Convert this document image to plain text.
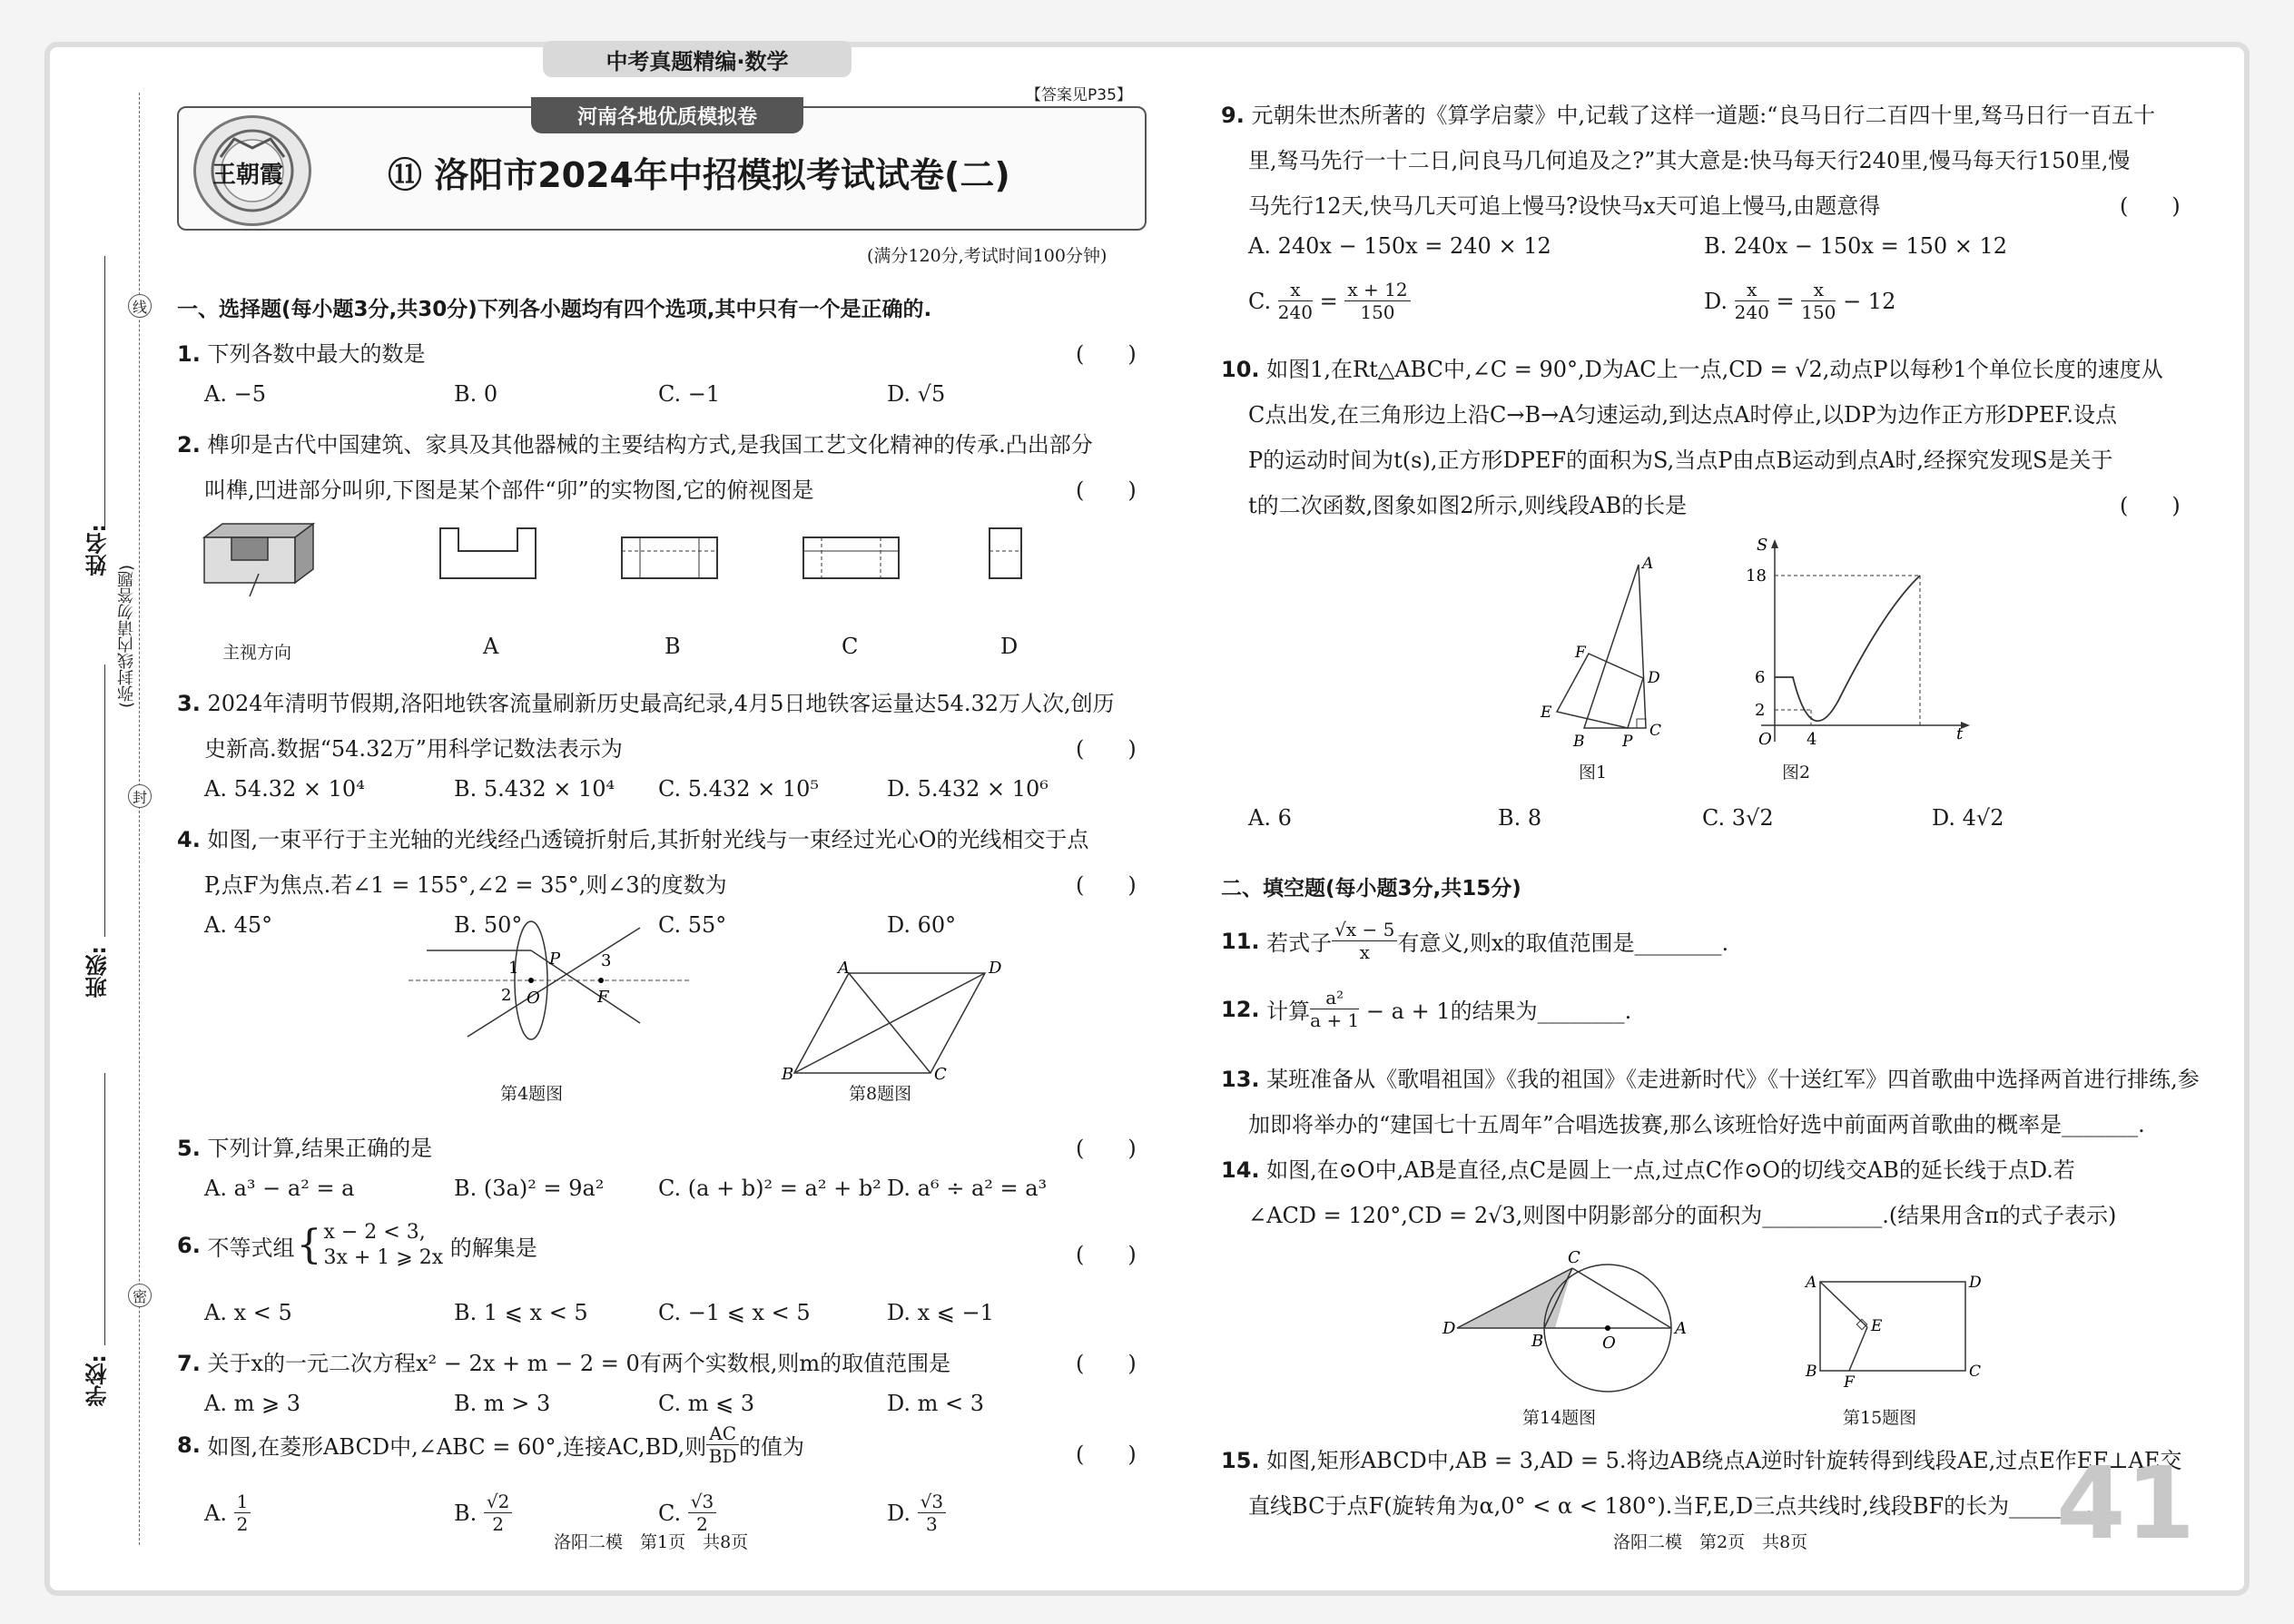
中考真题精编·数学
线
封
密
(弥封线内请勿答题)
姓名:
班级:
学校:
【答案见P35】
河南各地优质模拟卷
王朝霞	⑪ 洛阳市2024年中招模拟考试试卷(二)
(满分120分,考试时间100分钟)
一、选择题(每小题3分,共30分)下列各小题均有四个选项,其中只有一个是正确的.
1. 下列各数中最大的数是	(　　)
A. −5	B. 0	C. −1	D. √5
2. 榫卯是古代中国建筑、家具及其他器械的主要结构方式,是我国工艺文化精神的传承.凸出部分
叫榫,凹进部分叫卯,下图是某个部件“卯”的实物图,它的俯视图是	(　　)
主视方向	A	B	C	D
3. 2024年清明节假期,洛阳地铁客流量刷新历史最高纪录,4月5日地铁客运量达54.32万人次,创历
史新高.数据“54.32万”用科学记数法表示为	(　　)
A. 54.32 × 10⁴	B. 5.432 × 10⁴ C. 5.432 × 10⁵	D. 5.432 × 10⁶
4. 如图,一束平行于主光轴的光线经凸透镜折射后,其折射光线与一束经过光心O的光线相交于点
P,点F为焦点.若∠1 = 155°,∠2 = 35°,则∠3的度数为	(　　)
A. 45°	B. 50°	C. 55°	D. 60°
1
2
3
P
O	F
第4题图
A	D
B	C
第8题图
5. 下列计算,结果正确的是	(　　)
A. a³ − a² = a	B. (3a)² = 9a² C. (a + b)² = a² + b² D. a⁶ ÷ a² = a³
6.
不等式组 { x − 2 < 3,
3x + 1 ⩾ 2x
的解集是	(　　)
A. x < 5	B. 1 ⩽ x < 5	C. −1 ⩽ x < 5	D. x ⩽ −1
7. 关于x的一元二次方程x² − 2x + m − 2 = 0有两个实数根,则m的取值范围是	(　　)
A. m ⩾ 3	B. m > 3	C. m ⩽ 3	D. m < 3
8.
如图,在菱形ABCD中,∠ABC = 60°,连接AC,BD,则 $\frac{AC}{BD}$ 的值为	(　　)
A.
$\frac{1}{2}$	B.
$\frac{√2}{2}$	C.
$\frac{√3}{2}$	D.
$\frac{√3}{3}$
洛阳二模　第1页　共8页
9. 元朝朱世杰所著的《算学启蒙》中,记载了这样一道题:“良马日行二百四十里,驽马日行一百五十
里,驽马先行一十二日,问良马几何追及之?”其大意是:快马每天行240里,慢马每天行150里,慢
马先行12天,快马几天可追上慢马?设快马x天可追上慢马,由题意得	(　　)
A. 240x − 150x = 240 × 12	B. 240x − 150x = 150 × 12
C.
$\frac{x}{240}$
=
$\frac{x + 12}{150}$	D.
$\frac{x}{240}$
=
$\frac{x}{150}$
− 12
10. 如图1,在Rt△ABC中,∠C = 90°,D为AC上一点,CD = √2,动点P以每秒1个单位长度的速度从
C点出发,在三角形边上沿C→B→A匀速运动,到达点A时停止,以DP为边作正方形DPEF.设点
P的运动时间为t(s),正方形DPEF的面积为S,当点P由点B运动到点A时,经探究发现S是关于
t的二次函数,图象如图2所示,则线段AB的长是	(　　)
A
F
D
E
B P
C
图1
S
t
18
6
2
O 4
图2
A. 6	B. 8	C. 3√2	D. 4√2
二、填空题(每小题3分,共15分)
11.
若式子 $\frac{√x - 5}{x}$ 有意义,则x的取值范围是________.
12.
计算 $\frac{\text{a²}}{a + 1}$
− a + 1的结果为________.
13. 某班准备从《歌唱祖国》《我的祖国》《走进新时代》《十送红军》四首歌曲中选择两首进行排练,参
加即将举办的“建国七十五周年”合唱选拔赛,那么该班恰好选中前面两首歌曲的概率是_______.
14. 如图,在⊙O中,AB是直径,点C是圆上一点,过点C作⊙O的切线交AB的延长线于点D.若
∠ACD = 120°,CD = 2√3,则图中阴影部分的面积为___________.(结果用含π的式子表示)
D
B	O
A
C
第14题图
A	D
E
B
F
C
第15题图
15. 如图,矩形ABCD中,AB = 3,AD = 5.将边AB绕点A逆时针旋转得到线段AE,过点E作EF⊥AE交
直线BC于点F(旋转角为α,0° < α < 180°).当F,E,D三点共线时,线段BF的长为_______.
41
洛阳二模　第2页　共8页
